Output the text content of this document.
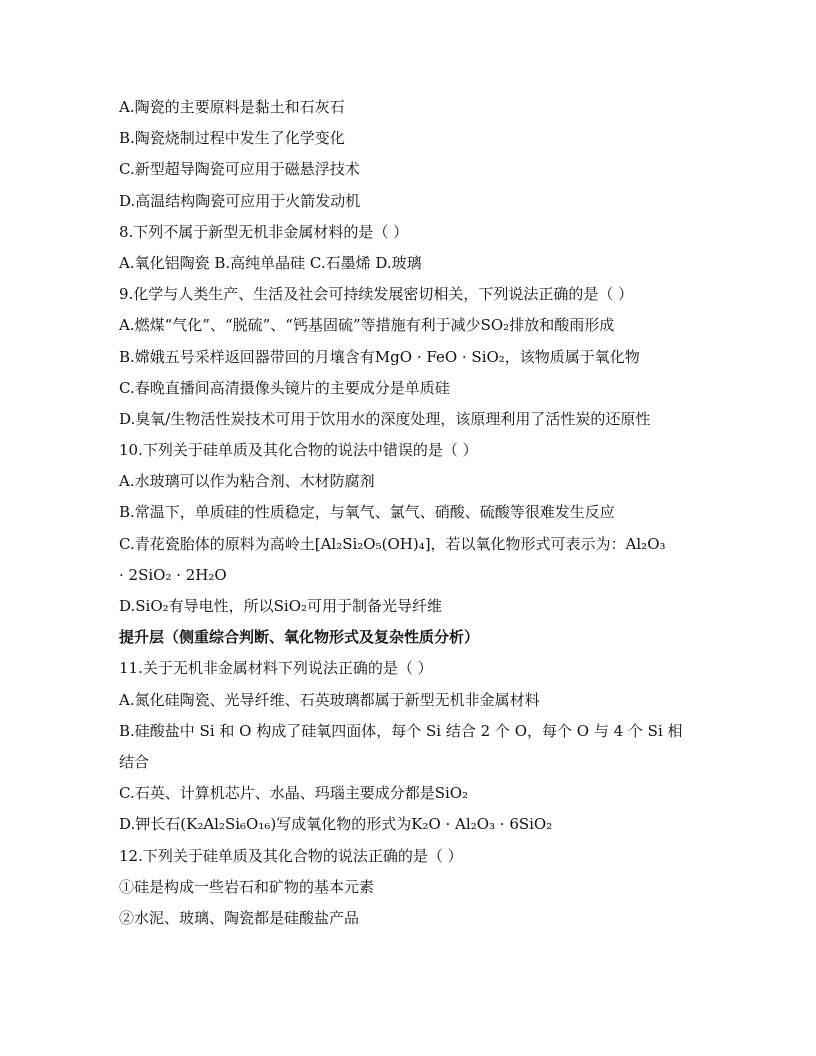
A.陶瓷的主要原料是黏土和石灰石
B.陶瓷烧制过程中发生了化学变化
C.新型超导陶瓷可应用于磁悬浮技术
D.高温结构陶瓷可应用于火箭发动机
8.下列不属于新型无机非金属材料的是（ ）
A.氧化铝陶瓷 B.高纯单晶硅 C.石墨烯 D.玻璃
9.化学与人类生产、生活及社会可持续发展密切相关，下列说法正确的是（ ）
A.燃煤“气化”、“脱硫”、“钙基固硫”等措施有利于减少SO₂排放和酸雨形成
B.嫦娥五号采样返回器带回的月壤含有MgO · FeO · SiO₂，该物质属于氧化物
C.春晚直播间高清摄像头镜片的主要成分是单质硅
D.臭氧/生物活性炭技术可用于饮用水的深度处理，该原理利用了活性炭的还原性
10.下列关于硅单质及其化合物的说法中错误的是（ ）
A.水玻璃可以作为粘合剂、木材防腐剂
B.常温下，单质硅的性质稳定，与氧气、氯气、硝酸、硫酸等很难发生反应
C.青花瓷胎体的原料为高岭土[Al₂Si₂O₅(OH)₄]，若以氧化物形式可表示为：Al₂O₃
· 2SiO₂ · 2H₂O
D.SiO₂有导电性，所以SiO₂可用于制备光导纤维
提升层（侧重综合判断、氧化物形式及复杂性质分析）
11.关于无机非金属材料下列说法正确的是（ ）
A.氮化硅陶瓷、光导纤维、石英玻璃都属于新型无机非金属材料
B.硅酸盐中 Si 和 O 构成了硅氧四面体，每个 Si 结合 2 个 O，每个 O 与 4 个 Si 相
结合
C.石英、计算机芯片、水晶、玛瑙主要成分都是SiO₂
D.钾长石(K₂Al₂Si₆O₁₆)写成氧化物的形式为K₂O · Al₂O₃ · 6SiO₂
12.下列关于硅单质及其化合物的说法正确的是（ ）
①硅是构成一些岩石和矿物的基本元素
②水泥、玻璃、陶瓷都是硅酸盐产品
